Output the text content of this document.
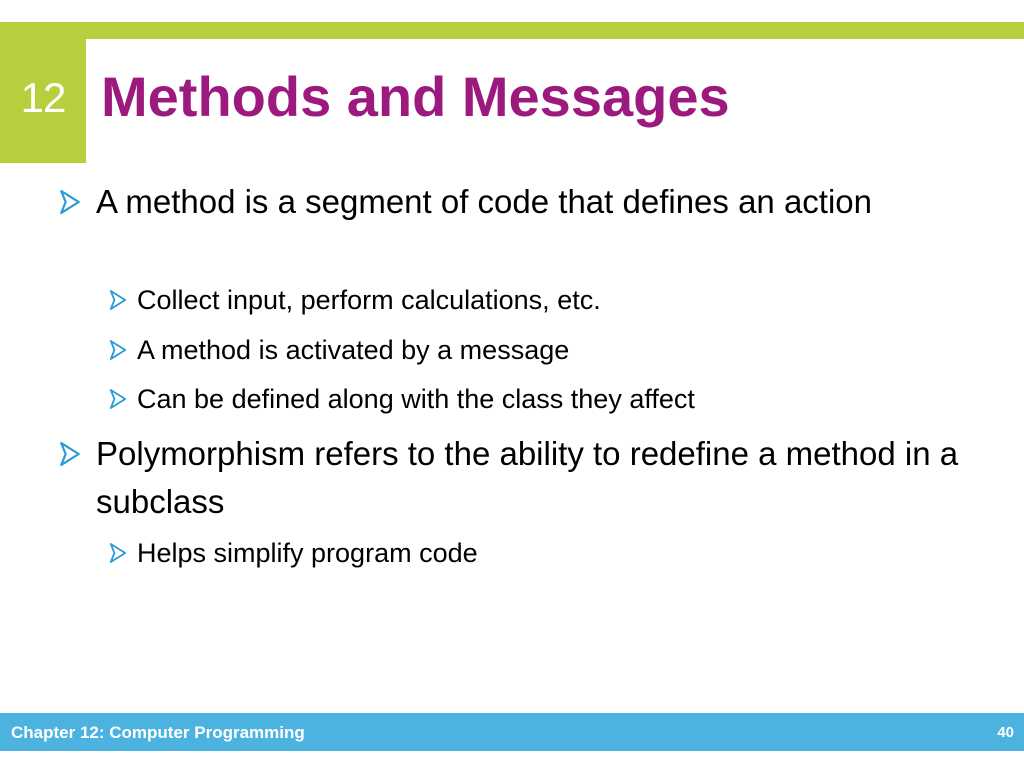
12 Methods and Messages
A method is a segment of code that defines an action
Collect input, perform calculations, etc.
A method is activated by a message
Can be defined along with the class they affect
Polymorphism refers to the ability to redefine a method in a subclass
Helps simplify program code
Chapter 12: Computer Programming	40
